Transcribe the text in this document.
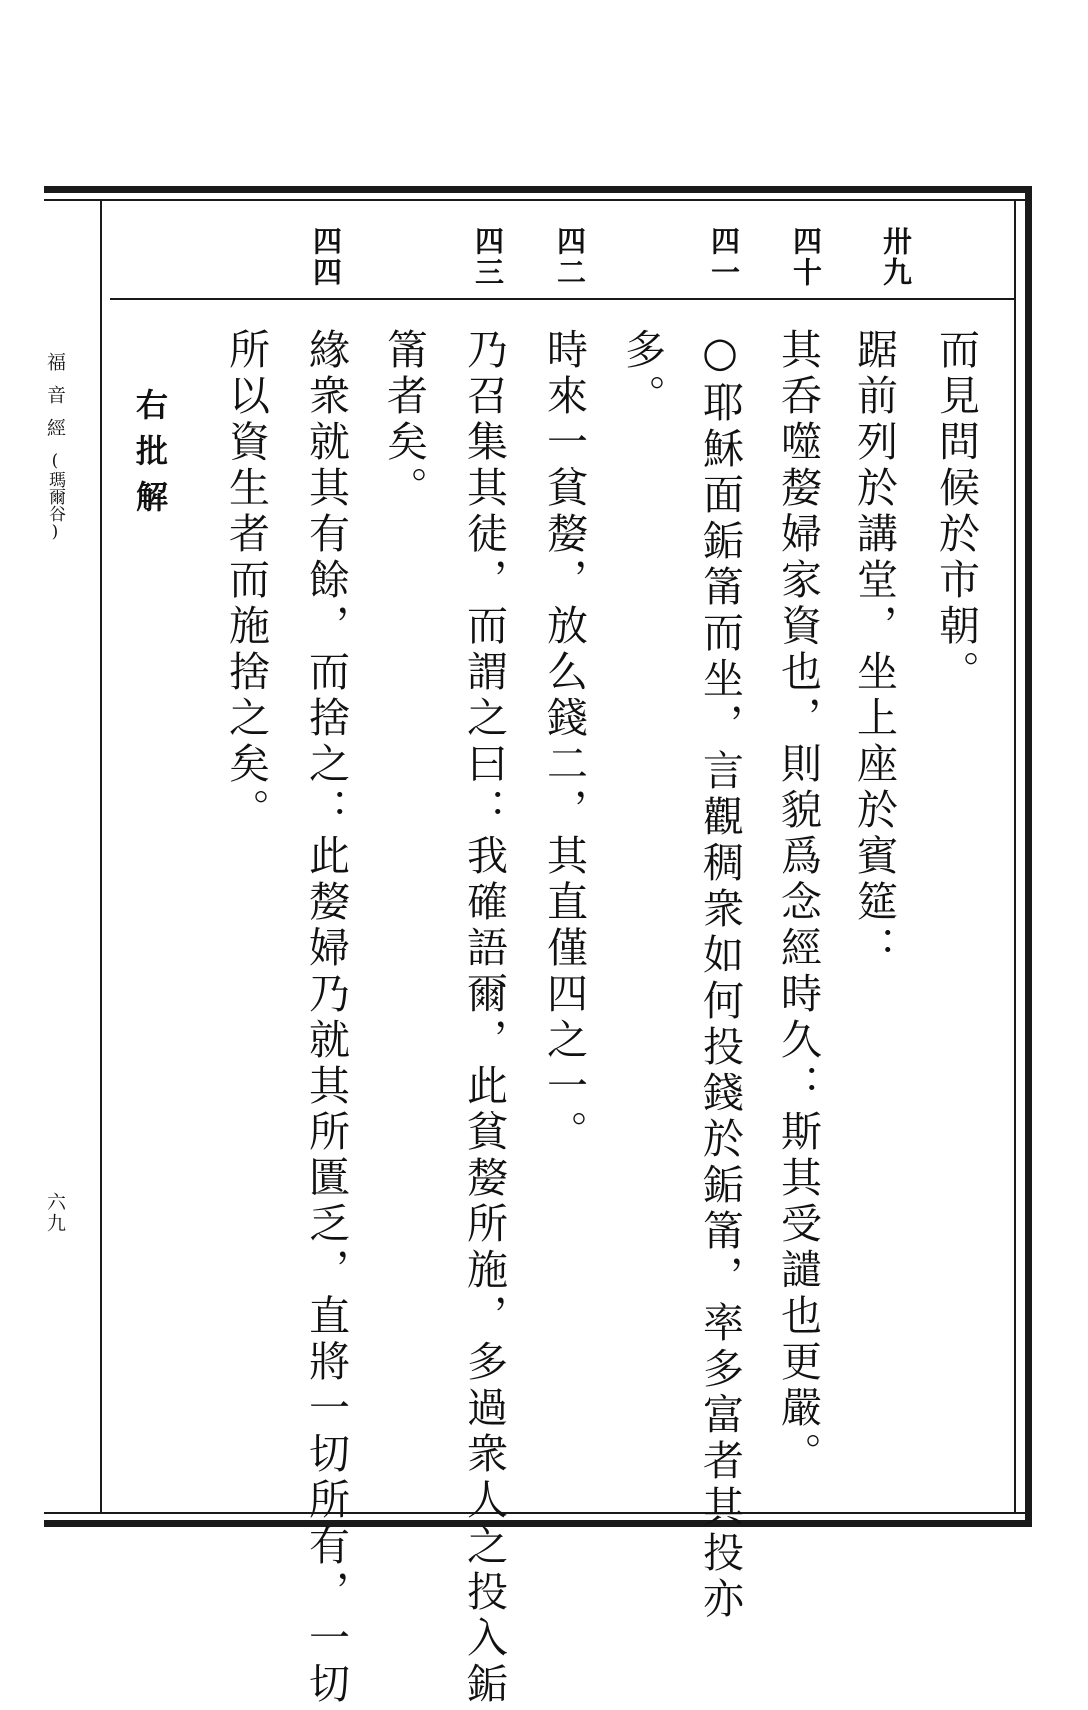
福音經(瑪爾谷)
六九
卅九
四十
四一
四二
四三
四四
而見問候於市朝。
踞前列於講堂，坐上座於賓筵：
其呑噬嫠婦家資也，則貌爲念經時久：斯其受譴也更嚴。
○耶穌面銗筩而坐，言觀稠衆如何投錢於銗筩，率多富者其投亦
多。
時來一貧嫠，放么錢二，其直僅四之一。
乃召集其徒，而謂之曰：我確語爾，此貧嫠所施，多過衆人之投入銗
筩者矣。
緣衆就其有餘，而捨之：此嫠婦乃就其所匱乏，直將一切所有，一切
所以資生者而施捨之矣。
右批解
